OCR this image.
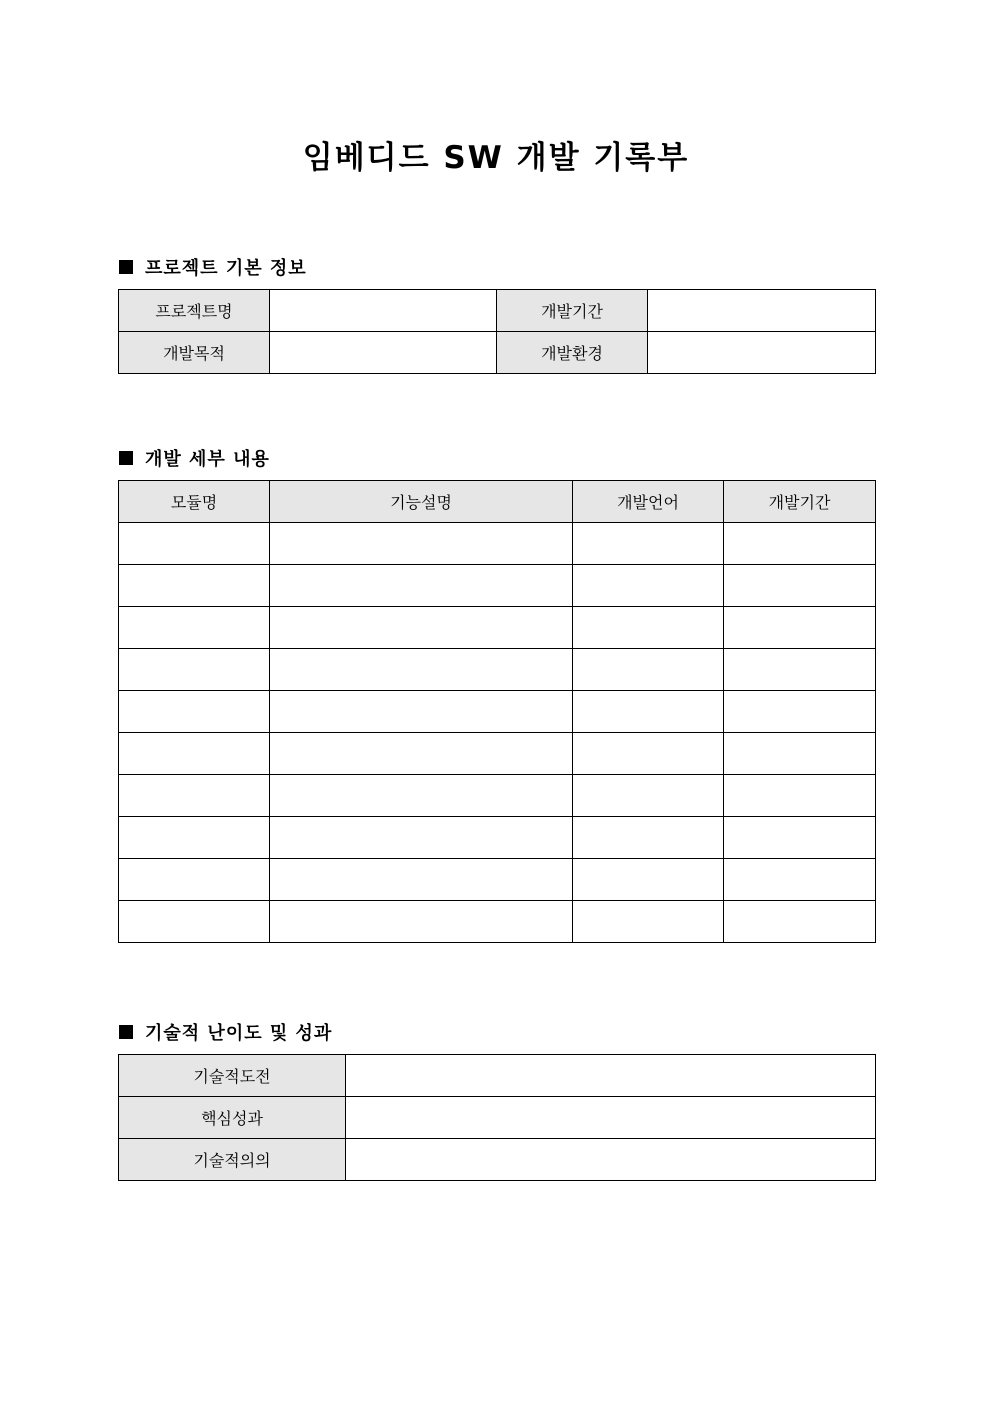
임베디드 SW 개발 기록부
프로젝트 기본 정보
프로젝트명		개발기간	
개발목적		개발환경	
개발 세부 내용
모듈명	기능설명	개발언어	개발기간

기술적 난이도 및 성과
기술적도전	
핵심성과	
기술적의의	
